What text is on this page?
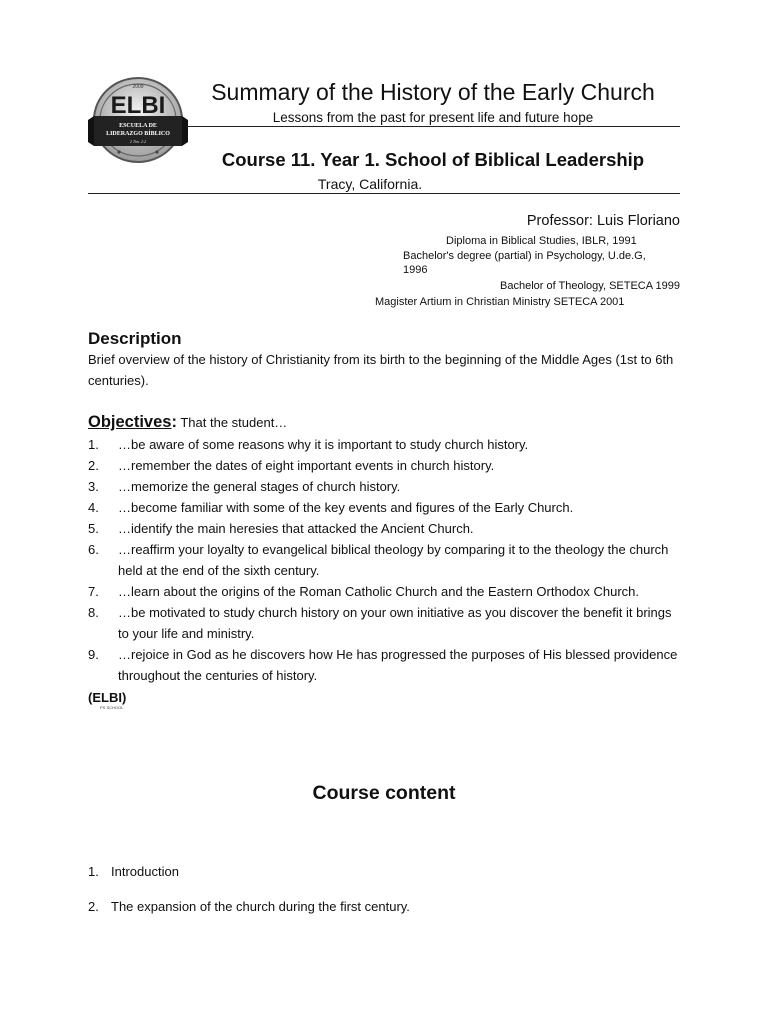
2009
ELBI
ESCUELA DE
LIDERAZGO BÍBLICO
2 Tim. 2:2
Summary of the History of the Early Church
Lessons from the past for present life and future hope
Course 11. Year 1. School of Biblical Leadership
Tracy, California.
Professor: Luis Floriano
Diploma in Biblical Studies, IBLR, 1991
Bachelor's degree (partial) in Psychology, U.de.G,
1996
Bachelor of Theology, SETECA 1999
Magister Artium in Christian Ministry SETECA 2001
Description
Brief overview of the history of Christianity from its birth to the beginning of the Middle Ages (1st to 6th centuries).
Objectives: That the student…
1. …be aware of some reasons why it is important to study church history.
2. …remember the dates of eight important events in church history.
3. …memorize the general stages of church history.
4. …become familiar with some of the key events and figures of the Early Church.
5. …identify the main heresies that attacked the Ancient Church.
6. …reaffirm your loyalty to evangelical biblical theology by comparing it to the theology the church held at the end of the sixth century.
7. …learn about the origins of the Roman Catholic Church and the Eastern Orthodox Church.
8. …be motivated to study church history on your own initiative as you discover the benefit it brings to your life and ministry.
9. …rejoice in God as he discovers how He has progressed the purposes of His blessed providence throughout the centuries of history.
(ELBI)
PS SCHOOL
Course content
1. Introduction
2. The expansion of the church during the first century.
